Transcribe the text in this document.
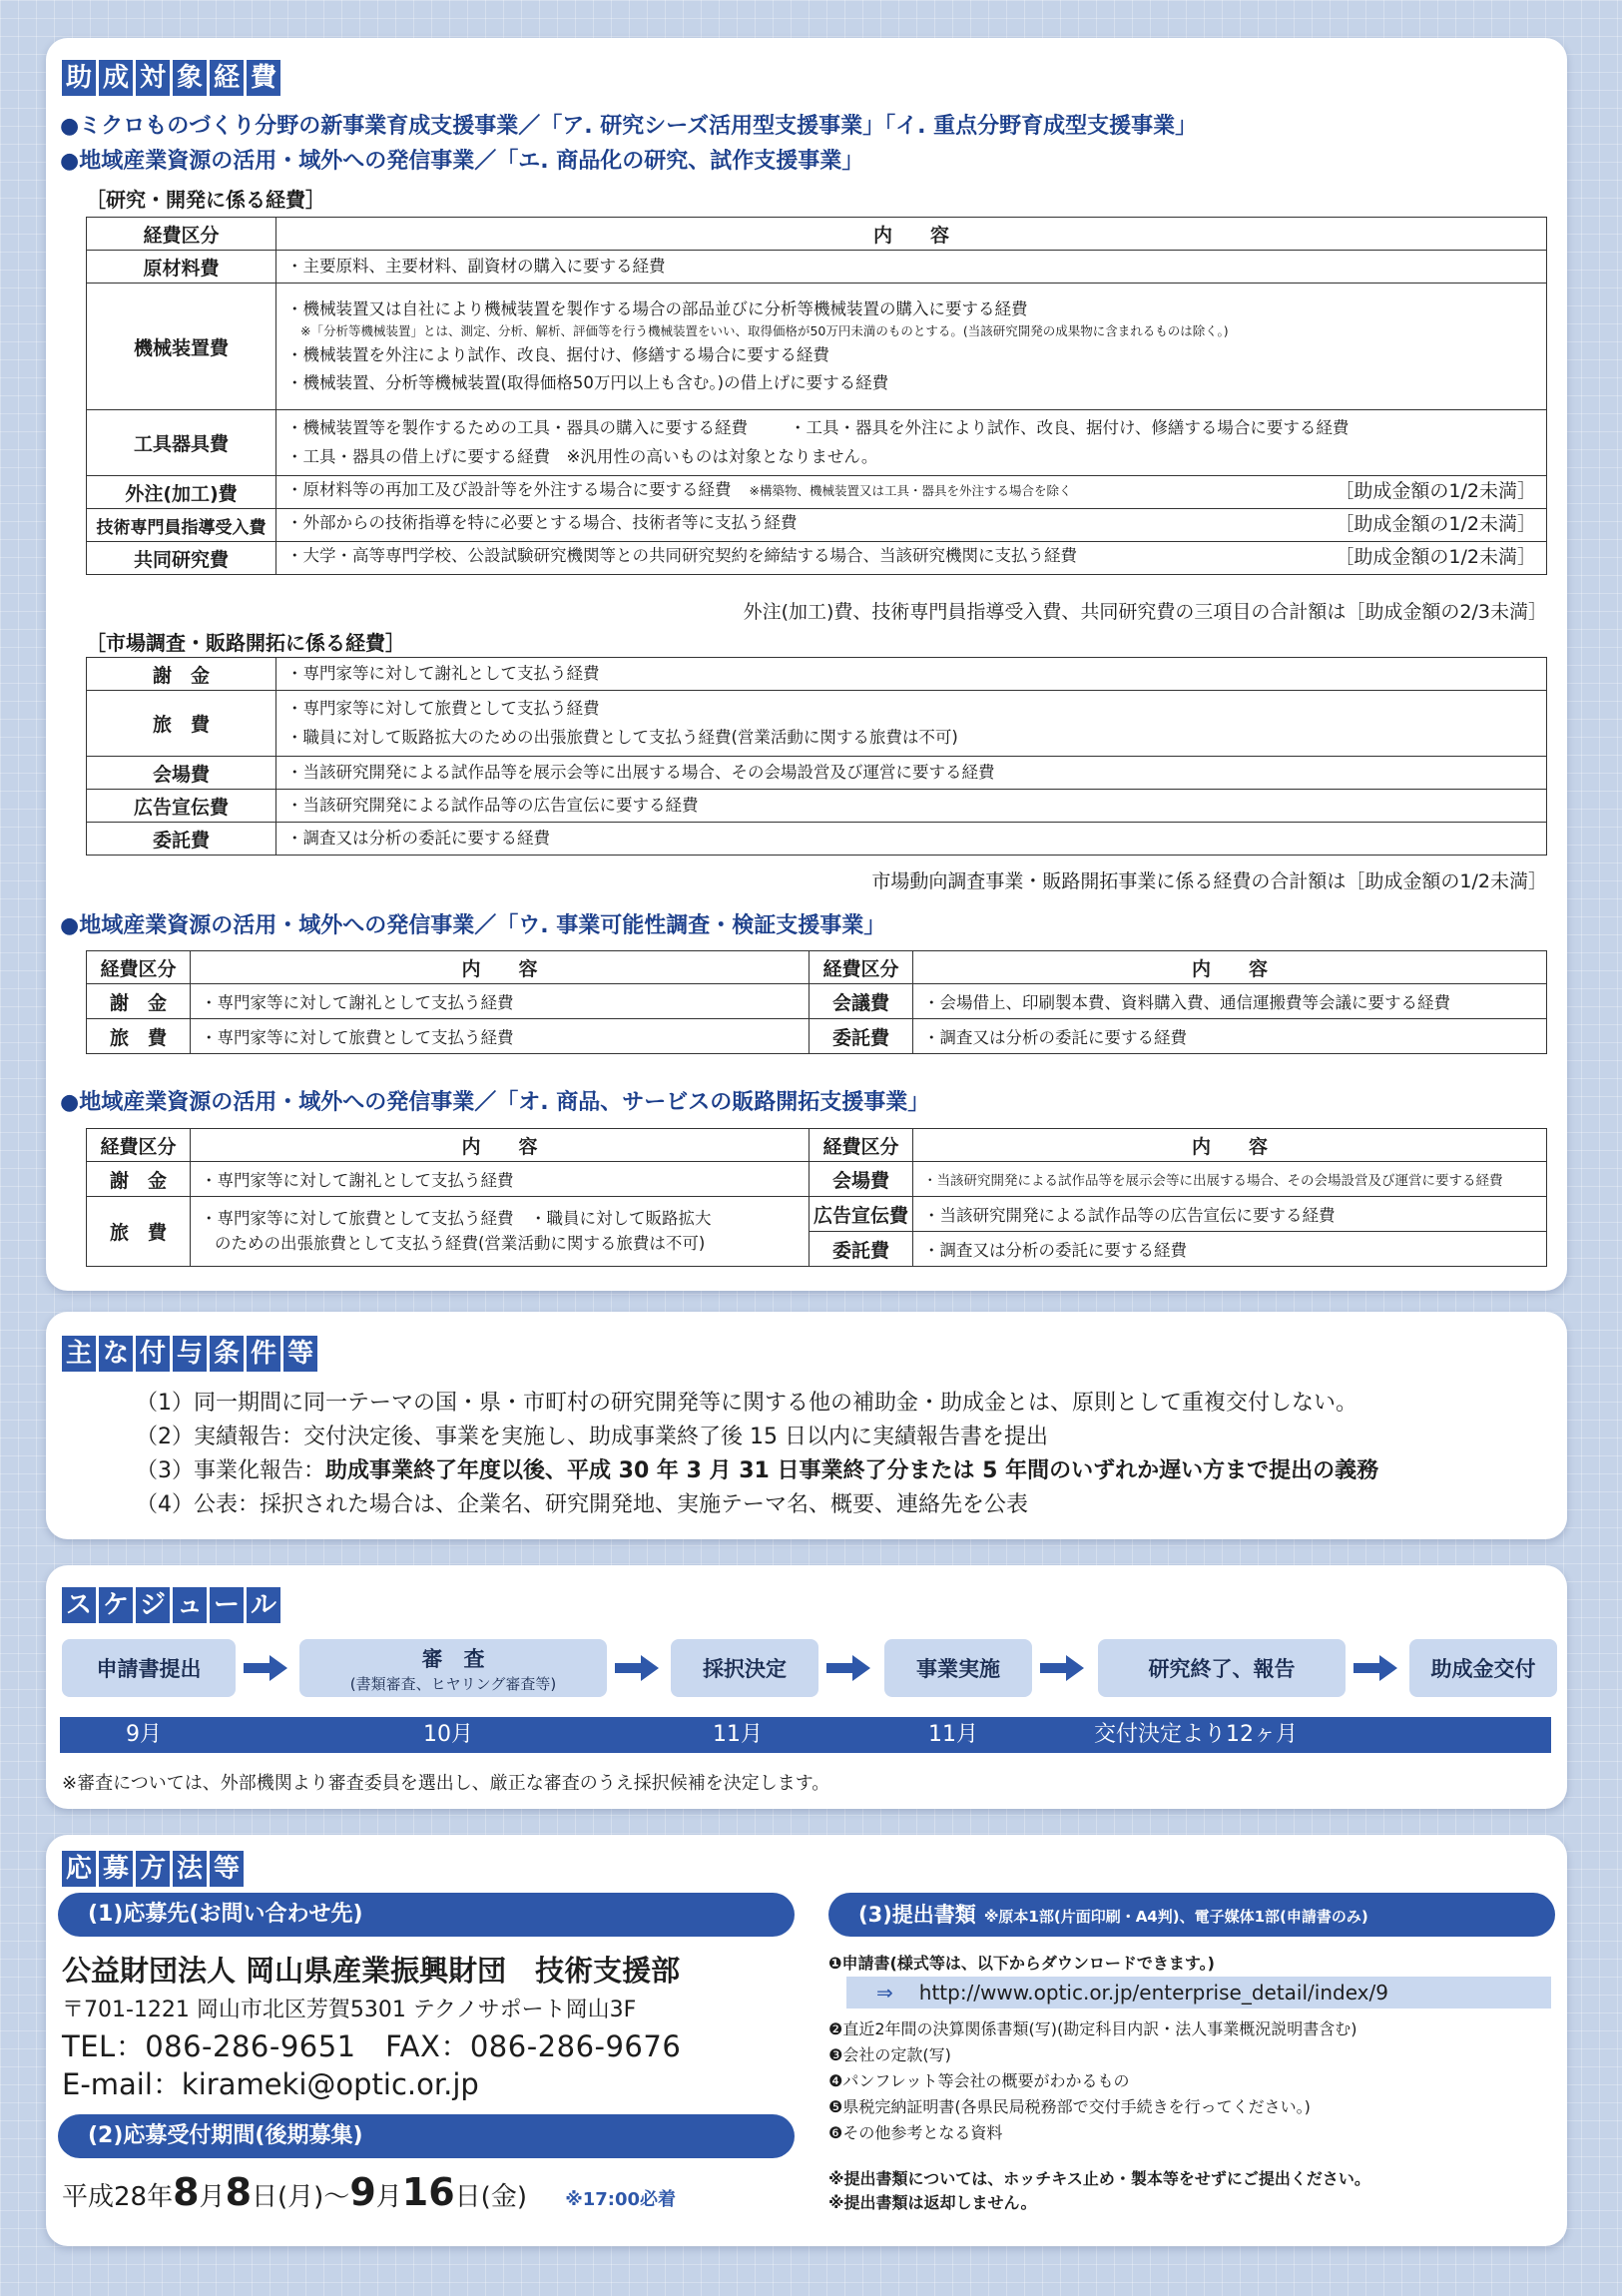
助 成 対 象 経 費
●ミクロものづくり分野の新事業育成支援事業／「ア. 研究シーズ活用型支援事業」「イ. 重点分野育成型支援事業」
●地域産業資源の活用・域外への発信事業／「エ. 商品化の研究、試作支援事業」
［研究・開発に係る経費］
経費区分	内　　容
原材料費	・主要原料、主要材料、副資材の購入に要する経費
機械装置費	・機械装置又は自社により機械装置を製作する場合の部品並びに分析等機械装置の購入に要する経費
※「分析等機械装置」とは、測定、分析、解析、評価等を行う機械装置をいい、取得価格が50万円未満のものとする。(当該研究開発の成果物に含まれるものは除く。)
・機械装置を外注により試作、改良、据付け、修繕する場合に要する経費
・機械装置、分析等機械装置(取得価格50万円以上も含む。)の借上げに要する経費

工具器具費	・機械装置等を製作するための工具・器具の購入に要する経費 ・工具・器具を外注により試作、改良、据付け、修繕する場合に要する経費
・工具・器具の借上げに要する経費　※汎用性の高いものは対象となりません。

外注(加工)費	・原材料等の再加工及び設計等を外注する場合に要する経費 ※構築物、機械装置又は工具・器具を外注する場合を除く ［助成金額の1/2未満］

技術専門員指導受入費	・外部からの技術指導を特に必要とする場合、技術者等に支払う経費 ［助成金額の1/2未満］

共同研究費	・大学・高等専門学校、公設試験研究機関等との共同研究契約を締結する場合、当該研究機関に支払う経費 ［助成金額の1/2未満］
外注(加工)費、技術専門員指導受入費、共同研究費の三項目の合計額は［助成金額の2/3未満］
［市場調査・販路開拓に係る経費］
謝　金	・専門家等に対して謝礼として支払う経費
旅　費	・専門家等に対して旅費として支払う経費
・職員に対して販路拡大のための出張旅費として支払う経費(営業活動に関する旅費は不可)

会場費	・当該研究開発による試作品等を展示会等に出展する場合、その会場設営及び運営に要する経費
広告宣伝費	・当該研究開発による試作品等の広告宣伝に要する経費
委託費	・調査又は分析の委託に要する経費
市場動向調査事業・販路開拓事業に係る経費の合計額は［助成金額の1/2未満］
●地域産業資源の活用・域外への発信事業／「ウ. 事業可能性調査・検証支援事業」
経費区分	内　　容	経費区分	内　　容
謝　金	・専門家等に対して謝礼として支払う経費	会議費	・会場借上、印刷製本費、資料購入費、通信運搬費等会議に要する経費
旅　費	・専門家等に対して旅費として支払う経費	委託費	・調査又は分析の委託に要する経費
●地域産業資源の活用・域外への発信事業／「オ. 商品、サービスの販路開拓支援事業」
経費区分	内　　容	経費区分	内　　容
謝　金	・専門家等に対して謝礼として支払う経費	会場費	・当該研究開発による試作品等を展示会等に出展する場合、その会場設営及び運営に要する経費
旅　費	・専門家等に対して旅費として支払う経費　・職員に対して販路拡大
のための出張旅費として支払う経費(営業活動に関する旅費は不可)	広告宣伝費	・当該研究開発による試作品等の広告宣伝に要する経費
		委託費	・調査又は分析の委託に要する経費
主 な 付 与 条 件 等
（1）同一期間に同一テーマの国・県・市町村の研究開発等に関する他の補助金・助成金とは、原則として重複交付しない。
（2）実績報告：交付決定後、事業を実施し、助成事業終了後 15 日以内に実績報告書を提出
（3）事業化報告：助成事業終了年度以後、平成 30 年 3 月 31 日事業終了分または 5 年間のいずれか遅い方まで提出の義務
（4）公表：採択された場合は、企業名、研究開発地、実施テーマ名、概要、連絡先を公表
ス ケ ジ ュ ー ル
申請書提出	審　査
(書類審査、ヒヤリング審査等)
採択決定	事業実施	研究終了、報告	助成金交付
9月	10月	11月	11月	交付決定より12ヶ月
※審査については、外部機関より審査委員を選出し、厳正な審査のうえ採択候補を決定します。
応 募 方 法 等
(1)応募先(お問い合わせ先)
公益財団法人 岡山県産業振興財団　技術支援部
〒701-1221 岡山市北区芳賀5301 テクノサポート岡山3F
TEL：086-286-9651　FAX：086-286-9676
E-mail：kirameki@optic.or.jp
(2)応募受付期間(後期募集)
平成28年8月8日(月)～9月16日(金) ※17:00必着
(3)提出書類 ※原本1部(片面印刷・A4判)、電子媒体1部(申請書のみ)
❶申請書(様式等は、以下からダウンロードできます。)
⇒ http://www.optic.or.jp/enterprise_detail/index/9
❷直近2年間の決算関係書類(写)(勘定科目内訳・法人事業概況説明書含む)
❸会社の定款(写)
❹パンフレット等会社の概要がわかるもの
❺県税完納証明書(各県民局税務部で交付手続きを行ってください。)
❻その他参考となる資料
※提出書類については、ホッチキス止め・製本等をせずにご提出ください。
※提出書類は返却しません。
